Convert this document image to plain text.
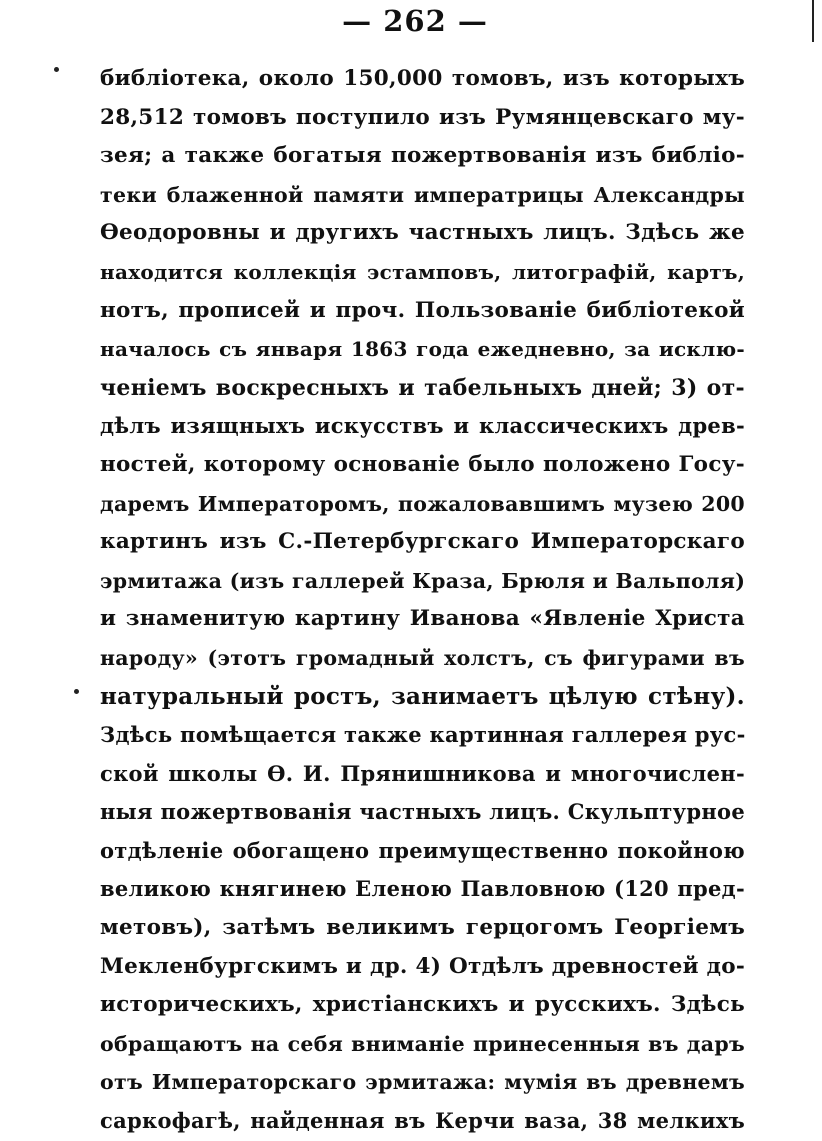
— 262 —
библіотека, около 150,000 томовъ, изъ которыхъ
28,512 томовъ поступило изъ Румянцевскаго му-
зея; а также богатыя пожертвованія изъ библіо-
теки блаженной памяти императрицы Александры
Ѳеодоровны и другихъ частныхъ лицъ. Здѣсь же
находится коллекція эстамповъ, литографій, картъ,
нотъ, прописей и проч. Пользованіе библіотекой
началось съ января 1863 года ежедневно, за исклю-
ченіемъ воскресныхъ и табельныхъ дней; 3) от-
дѣлъ изящныхъ искусствъ и классическихъ древ-
ностей, которому основаніе было положено Госу-
даремъ Императоромъ, пожаловавшимъ музею 200
картинъ изъ С.-Петербургскаго Императорскаго
эрмитажа (изъ галлерей Краза, Брюля и Вальполя)
и знаменитую картину Иванова «Явленіе Христа
народу» (этотъ громадный холстъ, съ фигурами въ
натуральный ростъ, занимаетъ цѣлую стѣну).
Здѣсь помѣщается также картинная галлерея рус-
ской школы Ѳ. И. Прянишникова и многочислен-
ныя пожертвованія частныхъ лицъ. Скульптурное
отдѣленіе обогащено преимущественно покойною
великою княгинею Еленою Павловною (120 пред-
метовъ), затѣмъ великимъ герцогомъ Георгіемъ
Мекленбургскимъ и др. 4) Отдѣлъ древностей до-
историческихъ, христіанскихъ и русскихъ. Здѣсь
обращаютъ на себя вниманіе принесенныя въ даръ
отъ Императорскаго эрмитажа: мумія въ древнемъ
саркофагѣ, найденная въ Керчи ваза, 38 мелкихъ
